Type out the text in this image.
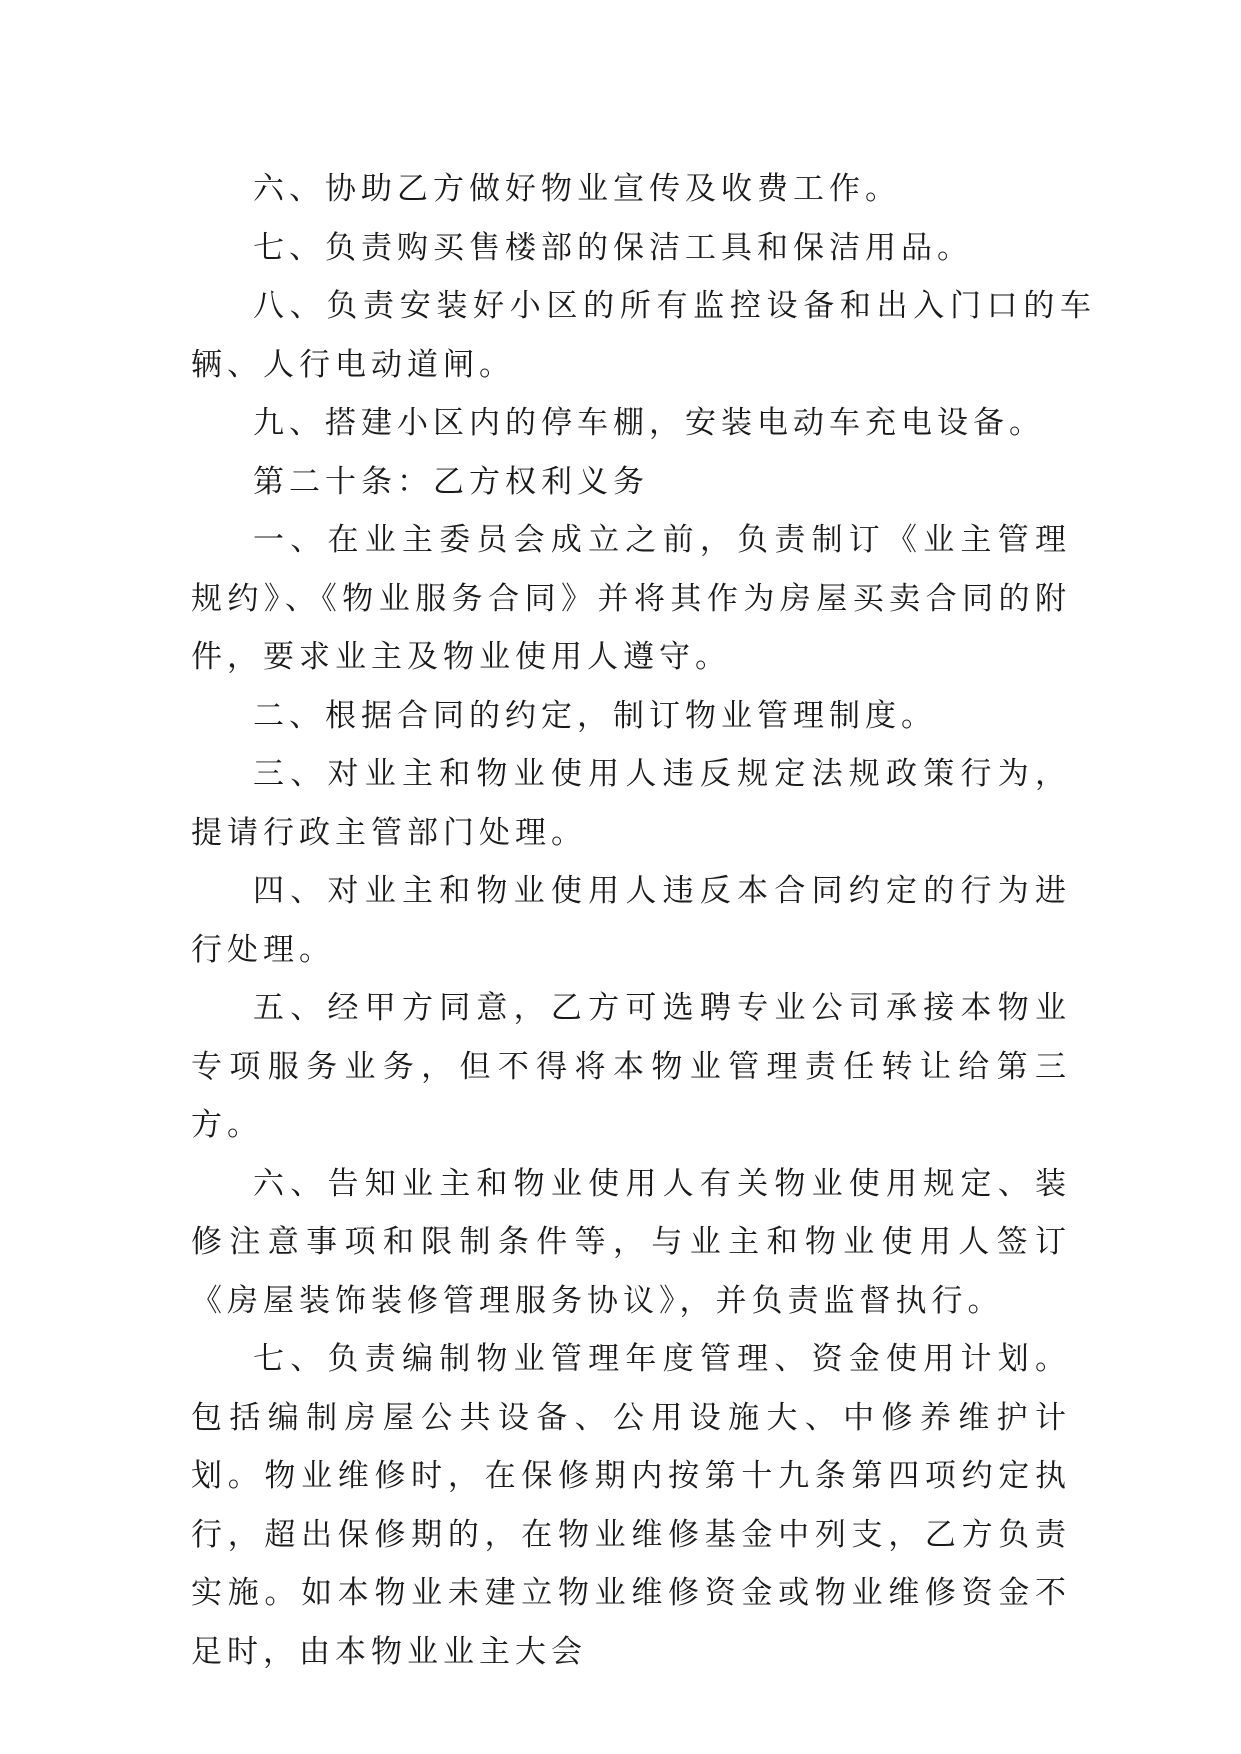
六、协助乙方做好物业宣传及收费工作。

七、负责购买售楼部的保洁工具和保洁用品。

八、负责安装好小区的所有监控设备和出入门口的车辆、人行电动道闸。

九、搭建小区内的停车棚，安装电动车充电设备。

第二十条：乙方权利义务

一、在业主委员会成立之前，负责制订《业主管理规约》、《物业服务合同》并将其作为房屋买卖合同的附件，要求业主及物业使用人遵守。

二、根据合同的约定，制订物业管理制度。

三、对业主和物业使用人违反规定法规政策行为，提请行政主管部门处理。

四、对业主和物业使用人违反本合同约定的行为进行处理。

五、经甲方同意，乙方可选聘专业公司承接本物业专项服务业务，但不得将本物业管理责任转让给第三方。

六、告知业主和物业使用人有关物业使用规定、装修注意事项和限制条件等，与业主和物业使用人签订《房屋装饰装修管理服务协议》，并负责监督执行。

七、负责编制物业管理年度管理、资金使用计划。包括编制房屋公共设备、公用设施大、中修养维护计划。物业维修时，在保修期内按第十九条第四项约定执行，超出保修期的，在物业维修基金中列支，乙方负责实施。如本物业未建立物业维修资金或物业维修资金不足时，由本物业业主大会
